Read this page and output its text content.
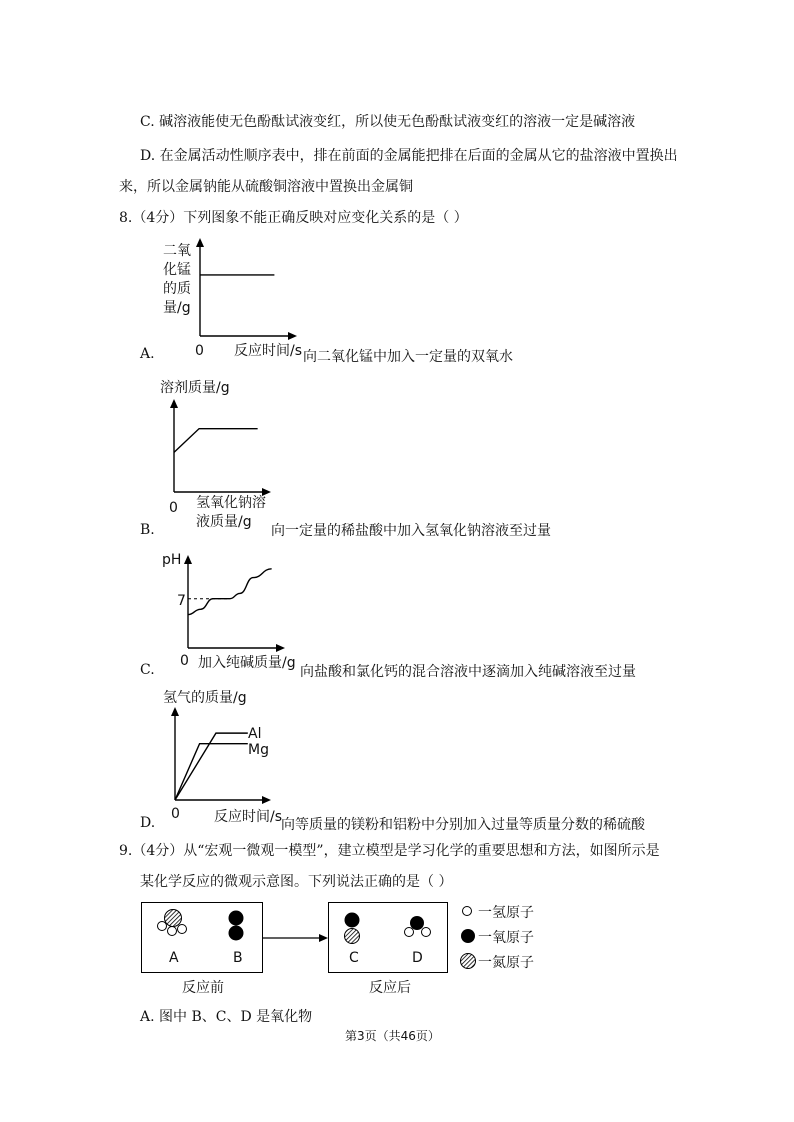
C. 碱溶液能使无色酚酞试液变红，所以使无色酚酞试液变红的溶液一定是碱溶液
D. 在金属活动性顺序表中，排在前面的金属能把排在后面的金属从它的盐溶液中置换出
来，所以金属钠能从硫酸铜溶液中置换出金属铜
8.（4分）下列图象不能正确反映对应变化关系的是（ ）
A.
二氧
化锰
的质
量/g
0 反应时间/s 向二氧化锰中加入一定量的双氧水
B.
溶剂质量/g
0 氢氧化钠溶
液质量/g
向一定量的稀盐酸中加入氢氧化钠溶液至过量
C.
pH
7
0 加入纯碱质量/g
向盐酸和氯化钙的混合溶液中逐滴加入纯碱溶液至过量
D.
氢气的质量/g
0 反应时间/s
Al
Mg
向等质量的镁粉和铝粉中分别加入过量等质量分数的稀硫酸
9.（4分）从“宏观一微观一模型”，建立模型是学习化学的重要思想和方法，如图所示是
某化学反应的微观示意图。下列说法正确的是（ ）
A	B	C	D
反应前	反应后
一氢原子
一氧原子
一氮原子
A. 图中 B、C、D 是氧化物
第3页（共46页）
